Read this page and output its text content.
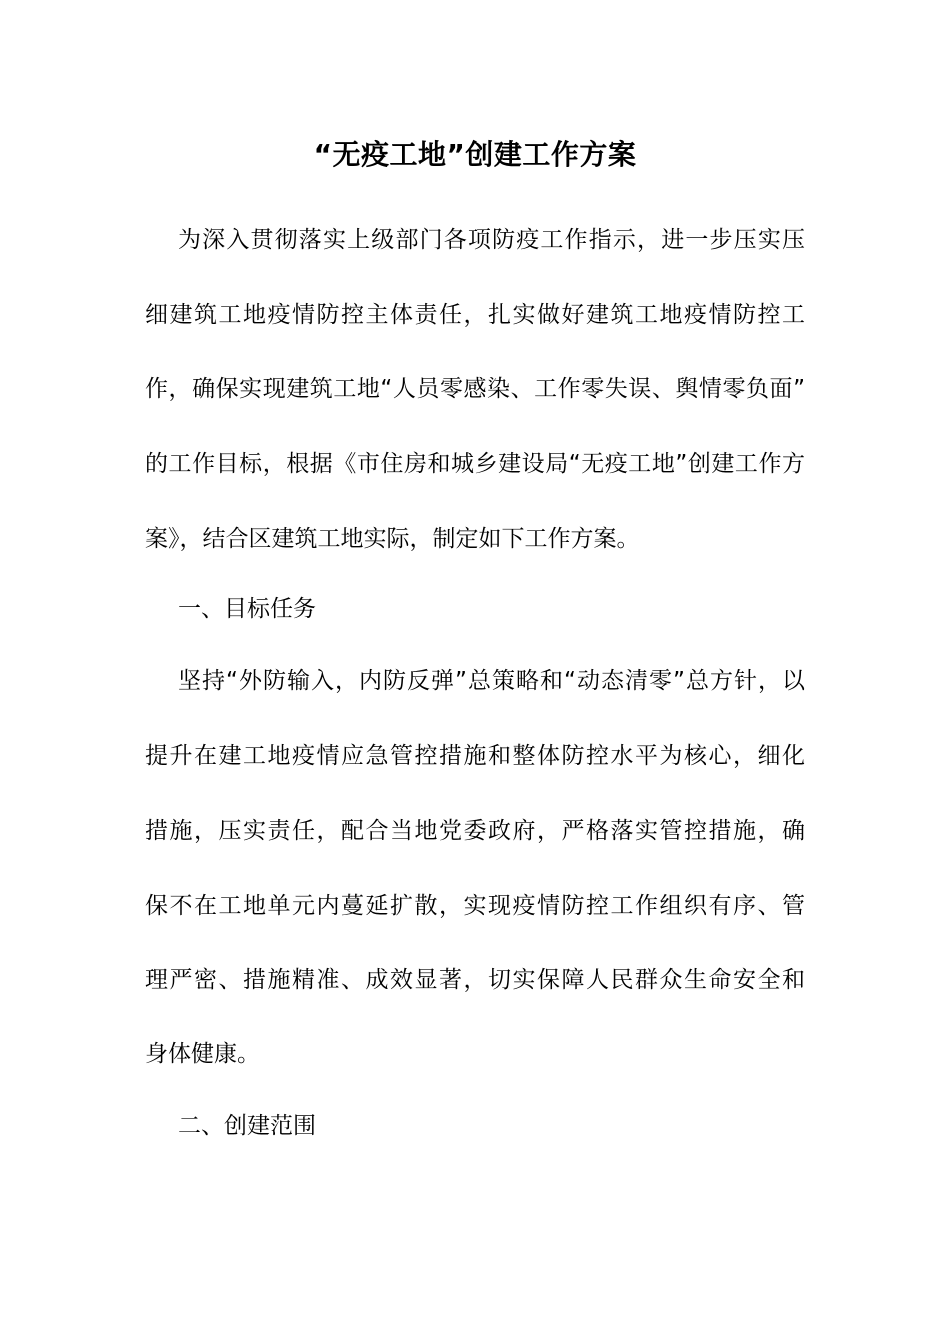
“无疫工地”创建工作方案
为深入贯彻落实上级部门各项防疫工作指示，进一步压实压
细建筑工地疫情防控主体责任，扎实做好建筑工地疫情防控工
作，确保实现建筑工地“人员零感染、工作零失误、舆情零负面”
的工作目标，根据《市住房和城乡建设局“无疫工地”创建工作方
案》，结合区建筑工地实际，制定如下工作方案。
一、目标任务
坚持“外防输入，内防反弹”总策略和“动态清零”总方针，以
提升在建工地疫情应急管控措施和整体防控水平为核心，细化
措施，压实责任，配合当地党委政府，严格落实管控措施，确
保不在工地单元内蔓延扩散，实现疫情防控工作组织有序、管
理严密、措施精准、成效显著，切实保障人民群众生命安全和
身体健康。
二、创建范围
